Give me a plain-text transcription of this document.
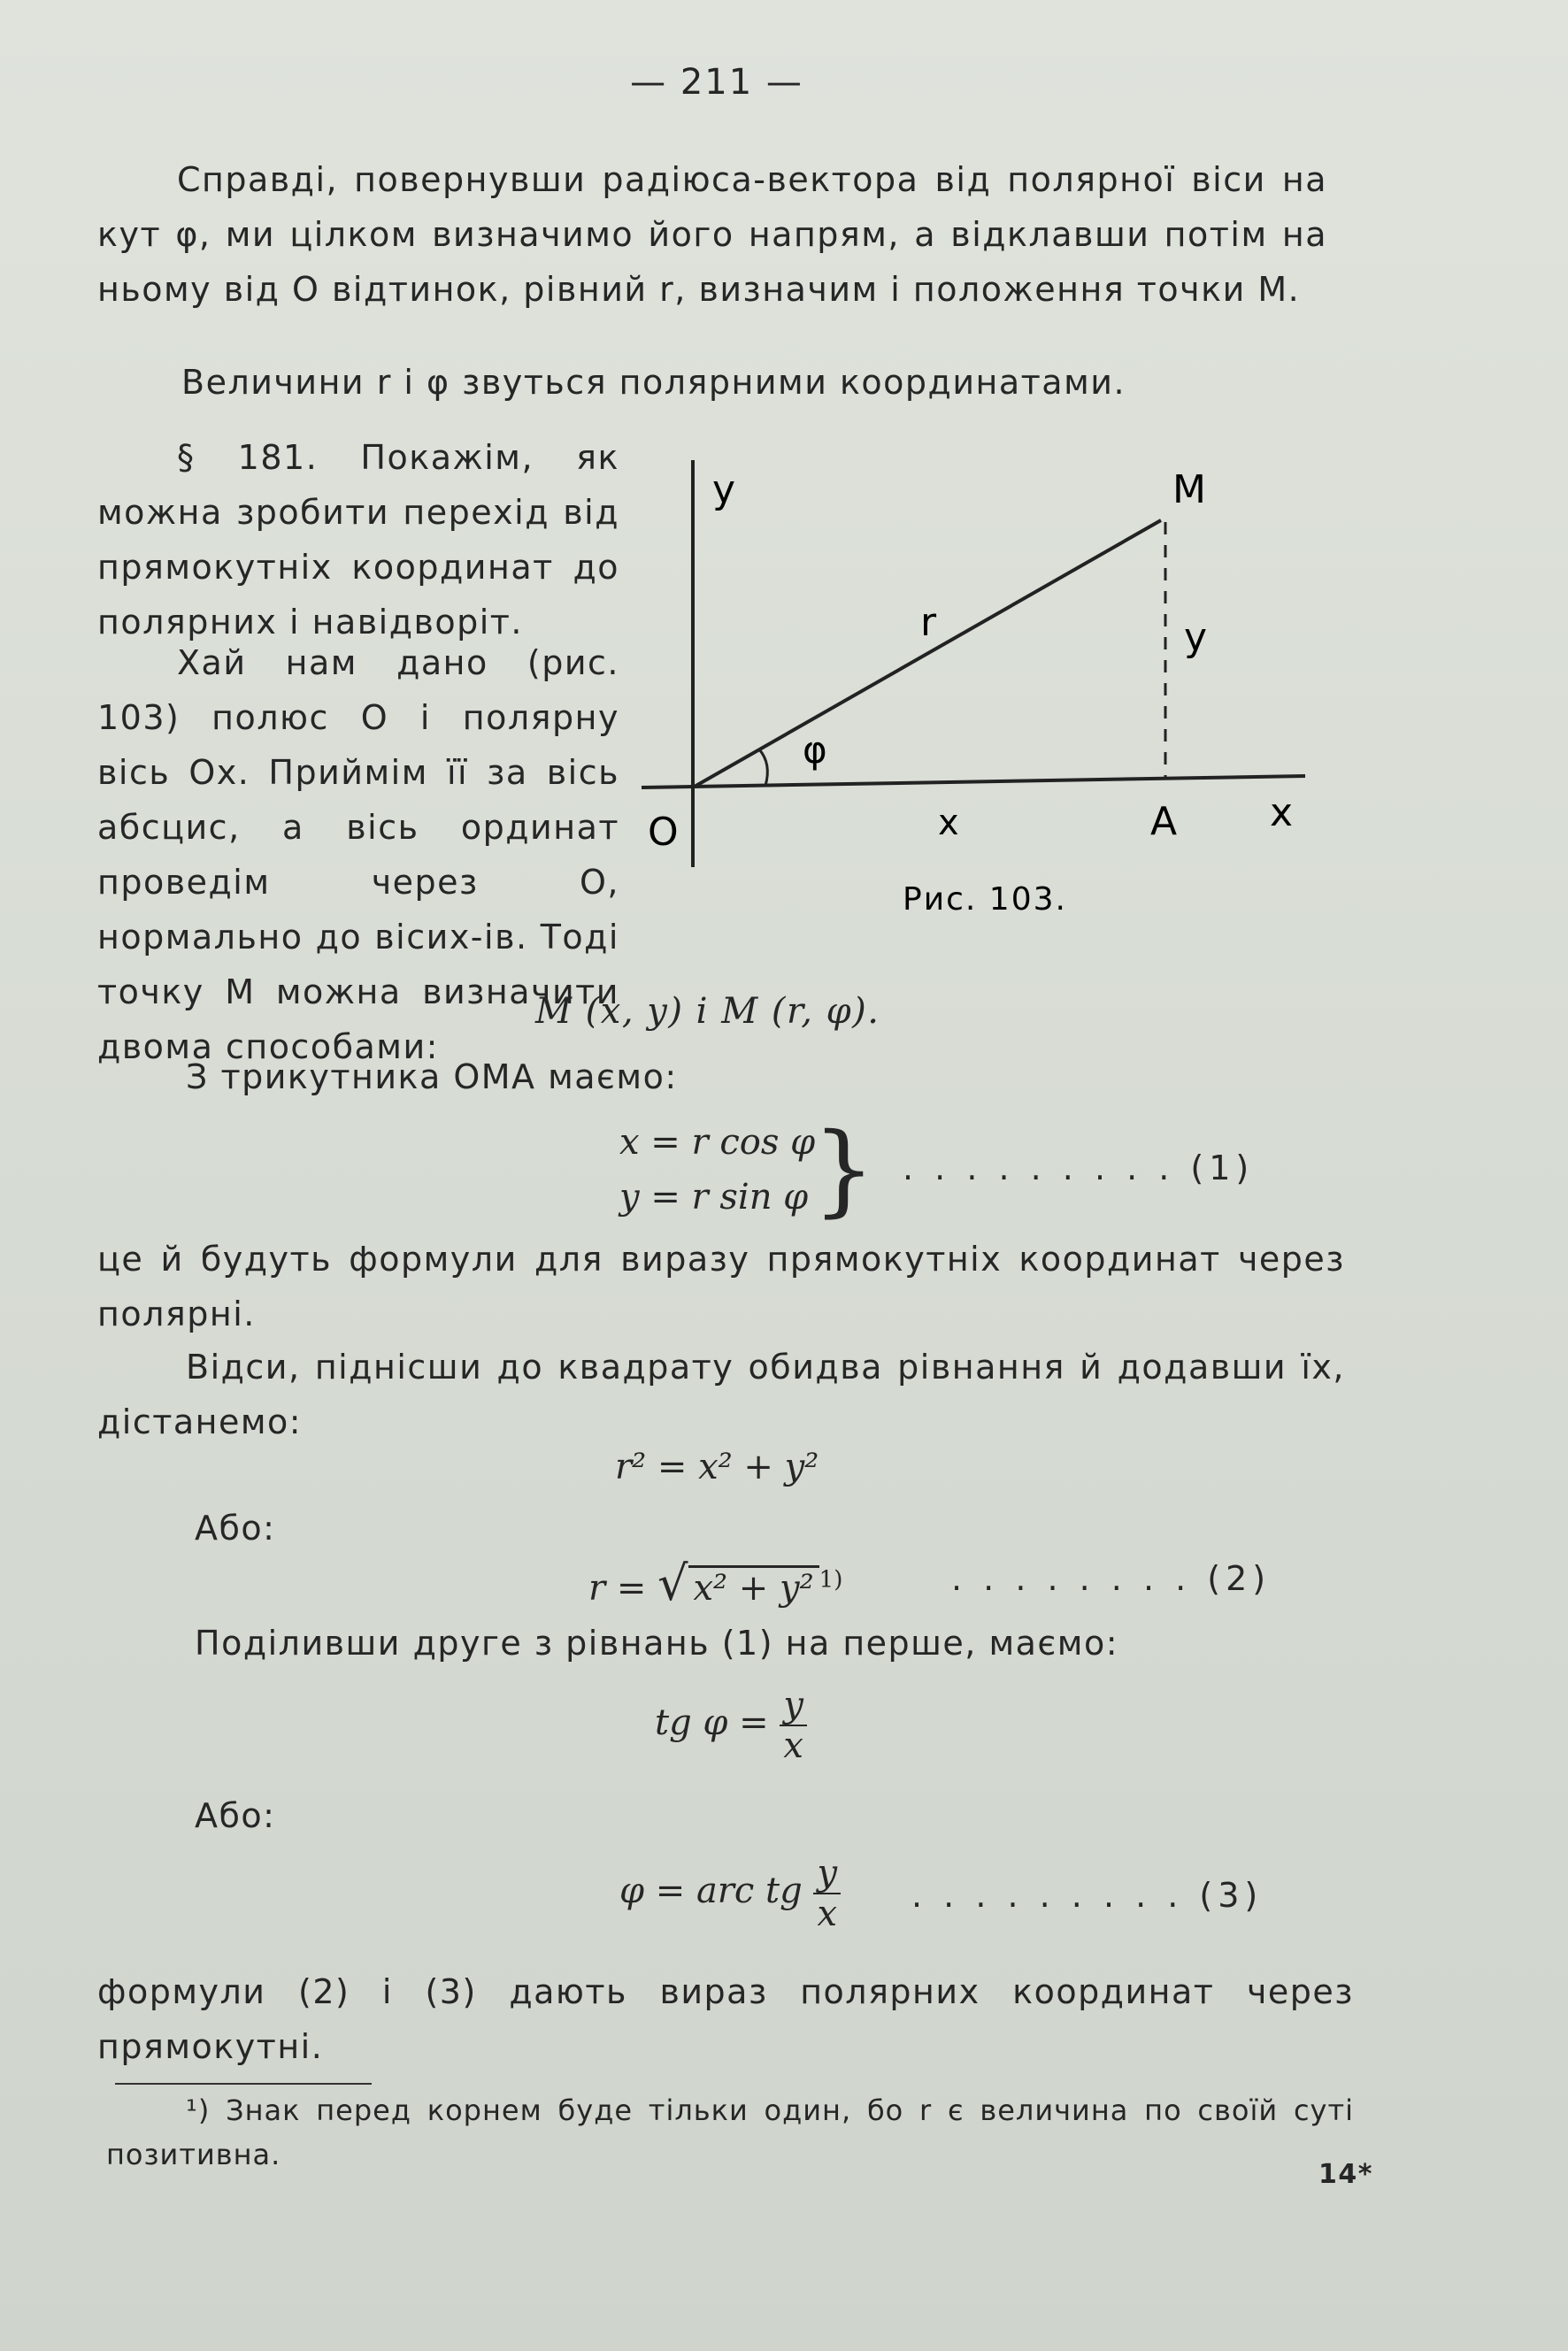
— 211 —
Справді, повернувши радіюса-вектора від полярної віси на кут φ, ми цілком визначимо його напрям, а відклавши потім на ньому від O відтинок, рівний r, визначим і положення точки M.
Величини r і φ звуться полярними координатами.
§ 181. Покажім, як можна зробити перехід від прямокутніх координат до полярних і навідворіт.
Хай нам дано (рис. 103) полюс O і полярну вісь Ox. Приймім її за вісь абсцис, а вісь ординат проведім через O, нормально до вісиx-ів. Тоді точку M можна визначити двома способами:
y	M
y
r
φ
O	x	A x
Рис. 103.
M (x, y) і M (r, φ).
З трикутника OMA маємо:
x = r cos φ
y = r sin φ } . . . . . . . . . (1)
це й будуть формули для виразу прямокутніх координат через полярні.
Відси, піднісши до квадрату обидва рівнання й додавши їх, дістанемо:
r² = x² + y²
Або:
r = √ x² + y² $^{1)}$	. . . . . . . . (2)
Поділивши друге з рівнань (1) на перше, маємо:
tg $\varphi = \frac{y}{x}$
Або:
φ = arc tg $\frac{y}{x}$ . . . . . . . . . (3)
формули (2) і (3) дають вираз полярних координат через прямокутні.
¹) Знак перед корнем буде тільки один, бо r є величина по своїй суті позитивна.
14*
